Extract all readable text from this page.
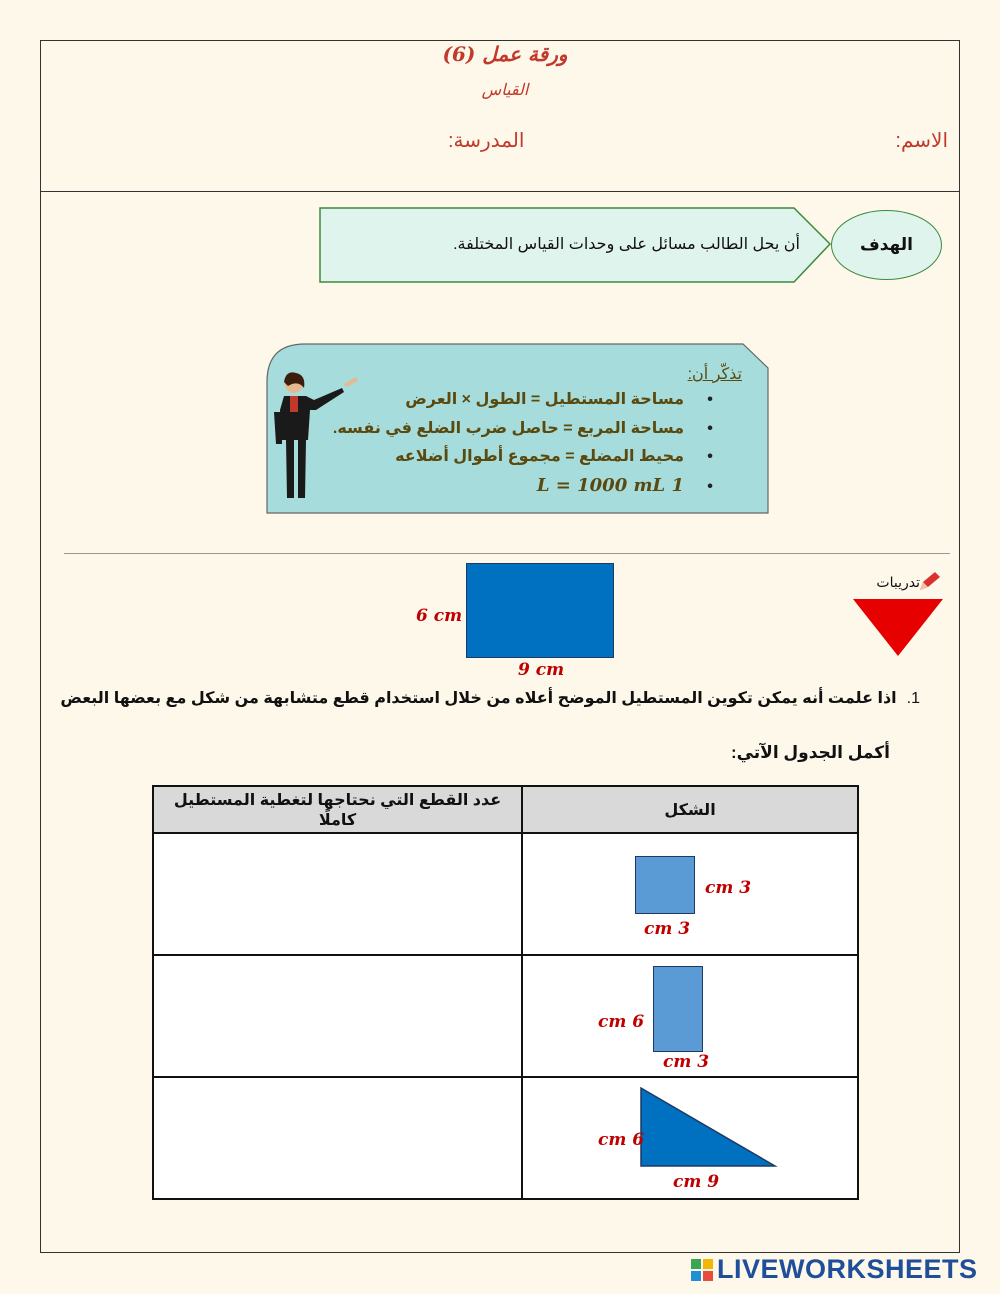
ورقة عمل (6)
القياس
الاسم:
المدرسة:
أن يحل الطالب مسائل على وحدات القياس المختلفة.	الهدف
تذكّر أن:
• مساحة المستطيل = الطول × العرض
• مساحة المربع = حاصل ضرب الضلع في نفسه.
• محيط المضلع = مجموع أطوال أضلاعه
• 1 L = 1000 mL
تدريبات
6 cm
9 cm
1.اذا علمت أنه يمكن تكوين المستطيل الموضح أعلاه من خلال استخدام قطع متشابهة من شكل مع بعضها البعض
أكمل الجدول الآتي:
الشكل	عدد القطع التي نحتاجها لتغطية المستطيل كاملًا

3 cm
3 cm	

6 cm
3 cm	

6 cm
9 cm	

LIVEWORKSHEETS
